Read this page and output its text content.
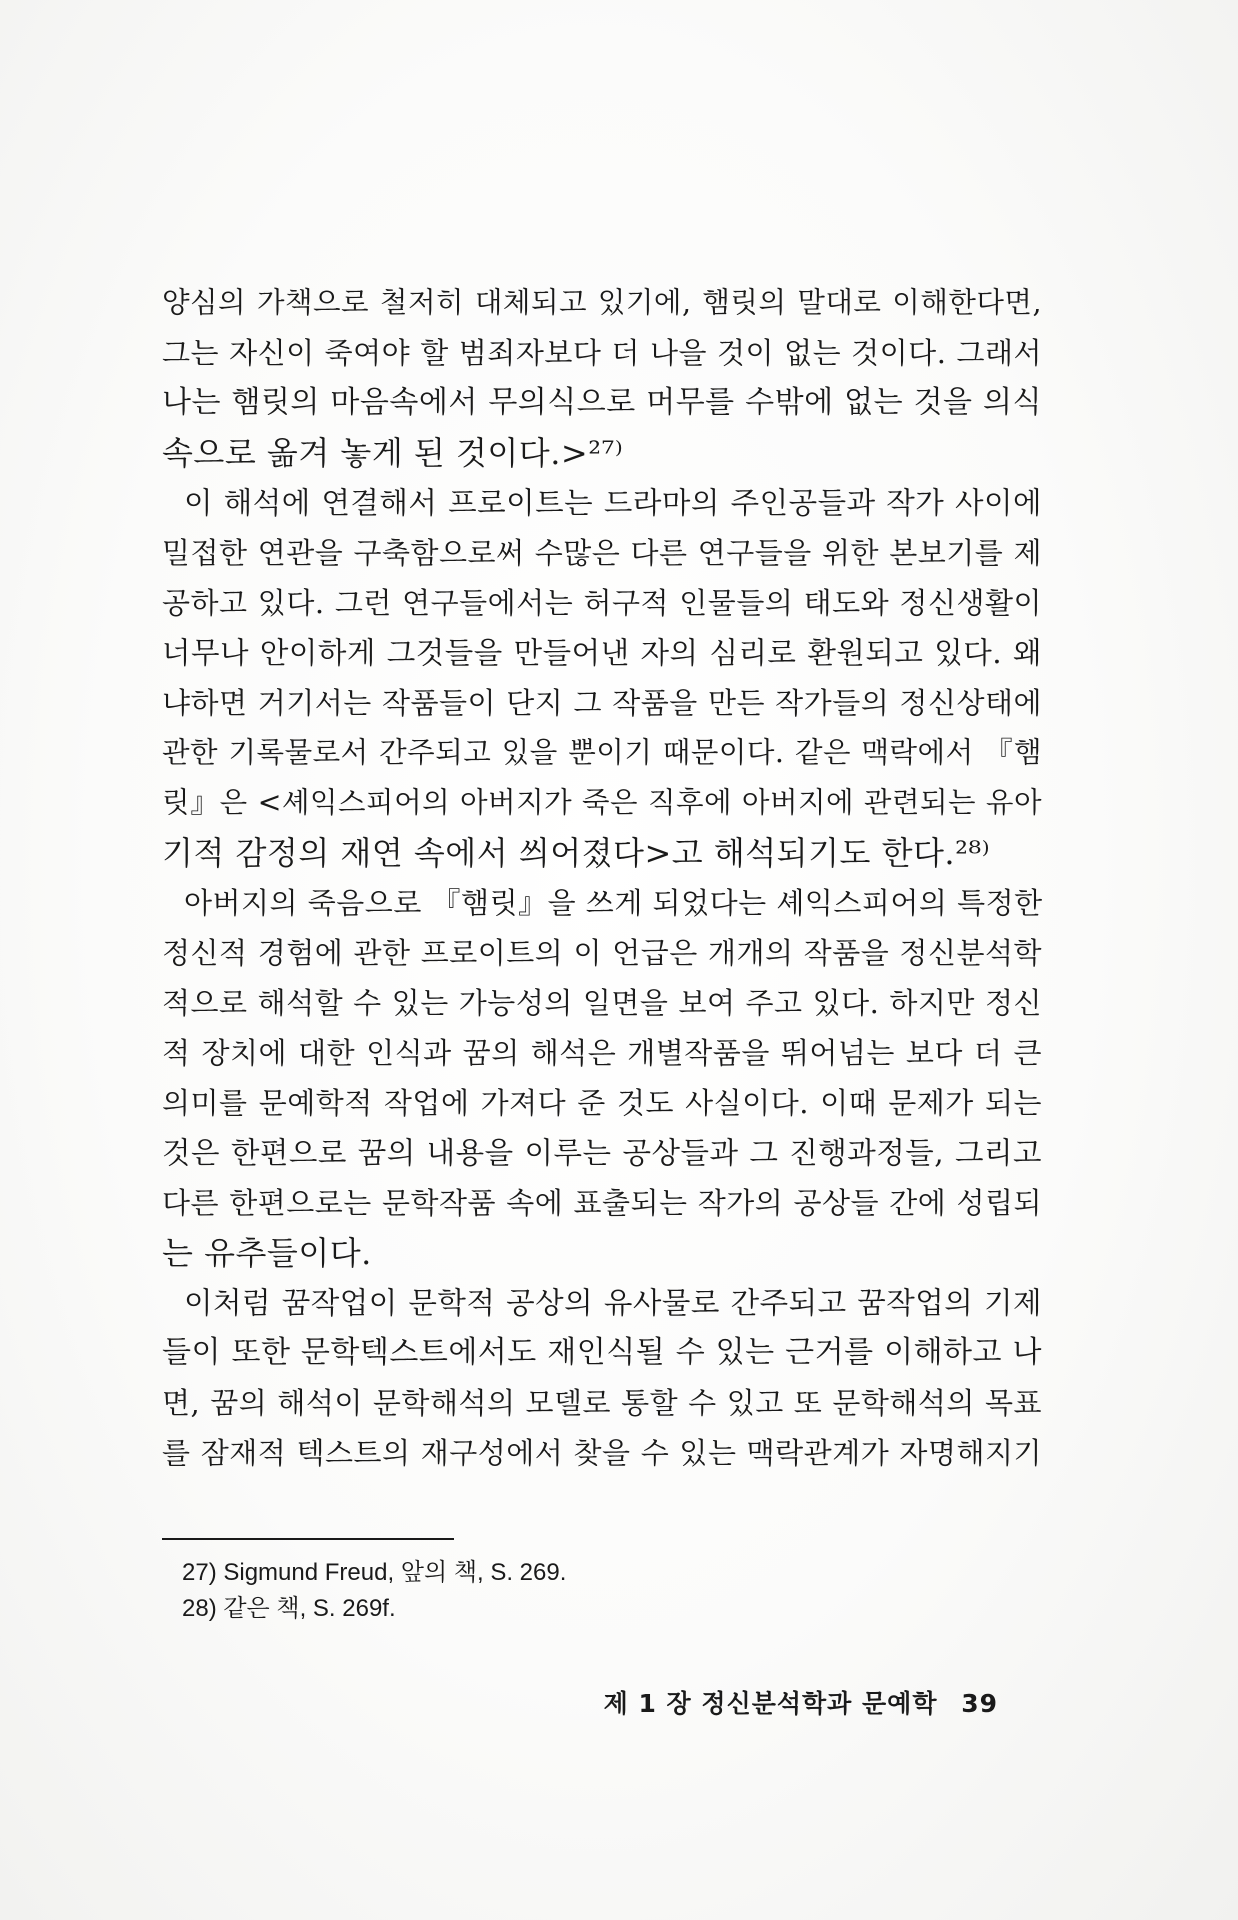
양심의 가책으로 철저히 대체되고 있기에, 햄릿의 말대로 이해한다면,
그는 자신이 죽여야 할 범죄자보다 더 나을 것이 없는 것이다. 그래서
나는 햄릿의 마음속에서 무의식으로 머무를 수밖에 없는 것을 의식
속으로 옮겨 놓게 된 것이다.>²⁷⁾
이 해석에 연결해서 프로이트는 드라마의 주인공들과 작가 사이에
밀접한 연관을 구축함으로써 수많은 다른 연구들을 위한 본보기를 제
공하고 있다. 그런 연구들에서는 허구적 인물들의 태도와 정신생활이
너무나 안이하게 그것들을 만들어낸 자의 심리로 환원되고 있다. 왜
냐하면 거기서는 작품들이 단지 그 작품을 만든 작가들의 정신상태에
관한 기록물로서 간주되고 있을 뿐이기 때문이다. 같은 맥락에서 『햄
릿』은 <셰익스피어의 아버지가 죽은 직후에 아버지에 관련되는 유아
기적 감정의 재연 속에서 씌어졌다>고 해석되기도 한다.²⁸⁾
아버지의 죽음으로 『햄릿』을 쓰게 되었다는 셰익스피어의 특정한
정신적 경험에 관한 프로이트의 이 언급은 개개의 작품을 정신분석학
적으로 해석할 수 있는 가능성의 일면을 보여 주고 있다. 하지만 정신
적 장치에 대한 인식과 꿈의 해석은 개별작품을 뛰어넘는 보다 더 큰
의미를 문예학적 작업에 가져다 준 것도 사실이다. 이때 문제가 되는
것은 한편으로 꿈의 내용을 이루는 공상들과 그 진행과정들, 그리고
다른 한편으로는 문학작품 속에 표출되는 작가의 공상들 간에 성립되
는 유추들이다.
이처럼 꿈작업이 문학적 공상의 유사물로 간주되고 꿈작업의 기제
들이 또한 문학텍스트에서도 재인식될 수 있는 근거를 이해하고 나
면, 꿈의 해석이 문학해석의 모델로 통할 수 있고 또 문학해석의 목표
를 잠재적 텍스트의 재구성에서 찾을 수 있는 맥락관계가 자명해지기
27) Sigmund Freud, 앞의 책, S. 269.
28) 같은 책, S. 269f.
제 1 장 정신분석학과 문예학 39
